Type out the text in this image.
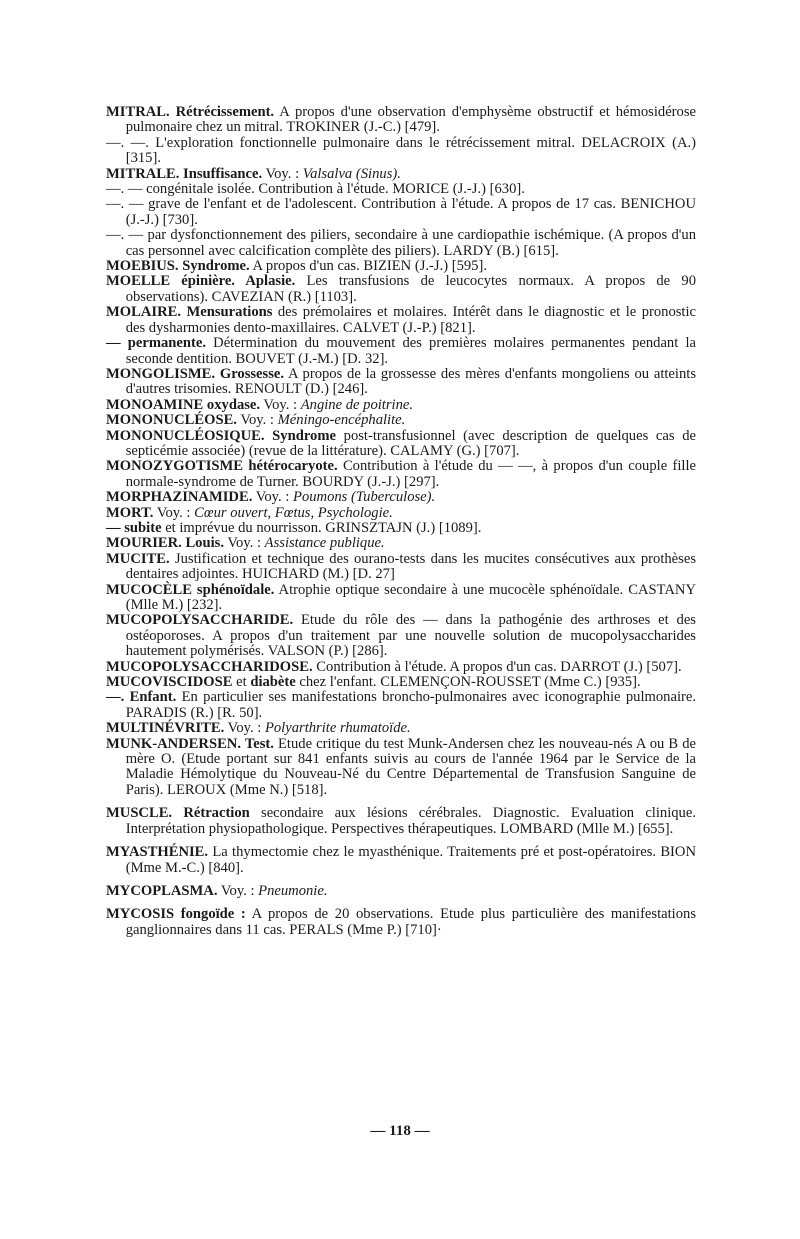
MITRAL. Rétrécissement. A propos d'une observation d'emphysème obstructif et hémosidérose pulmonaire chez un mitral. TROKINER (J.-C.) [479].

—. —. L'exploration fonctionnelle pulmonaire dans le rétrécissement mitral. DELACROIX (A.) [315].

MITRALE. Insuffisance. Voy. : Valsalva (Sinus).

—. — congénitale isolée. Contribution à l'étude. MORICE (J.-J.) [630].

—. — grave de l'enfant et de l'adolescent. Contribution à l'étude. A propos de 17 cas. BENICHOU (J.-J.) [730].

—. — par dysfonctionnement des piliers, secondaire à une cardiopathie ischémique. (A propos d'un cas personnel avec calcification complète des piliers). LARDY (B.) [615].

MOEBIUS. Syndrome. A propos d'un cas. BIZIEN (J.-J.) [595].

MOELLE épinière. Aplasie. Les transfusions de leucocytes normaux. A propos de 90 observations). CAVEZIAN (R.) [1103].

MOLAIRE. Mensurations des prémolaires et molaires. Intérêt dans le diagnostic et le pronostic des dysharmonies dento-maxillaires. CALVET (J.-P.) [821].

— permanente. Détermination du mouvement des premières molaires permanentes pendant la seconde dentition. BOUVET (J.-M.) [D. 32].

MONGOLISME. Grossesse. A propos de la grossesse des mères d'enfants mongoliens ou atteints d'autres trisomies. RENOULT (D.) [246].

MONOAMINE oxydase. Voy. : Angine de poitrine.

MONONUCLÉOSE. Voy. : Méningo-encéphalite.

MONONUCLÉOSIQUE. Syndrome post-transfusionnel (avec description de quelques cas de septicémie associée) (revue de la littérature). CALAMY (G.) [707].

MONOZYGOTISME hétérocaryote. Contribution à l'étude du — —, à propos d'un couple fille normale-syndrome de Turner. BOURDY (J.-J.) [297].

MORPHAZINAMIDE. Voy. : Poumons (Tuberculose).

MORT. Voy. : Cœur ouvert, Fœtus, Psychologie.

— subite et imprévue du nourrisson. GRINSZTAJN (J.) [1089].

MOURIER. Louis. Voy. : Assistance publique.

MUCITE. Justification et technique des ourano-tests dans les mucites consécutives aux prothèses dentaires adjointes. HUICHARD (M.) [D. 27]

MUCOCÈLE sphénoïdale. Atrophie optique secondaire à une mucocèle sphénoïdale. CASTANY (Mlle M.) [232].

MUCOPOLYSACCHARIDE. Etude du rôle des — dans la pathogénie des arthroses et des ostéoporoses. A propos d'un traitement par une nouvelle solution de mucopolysaccharides hautement polymérisés. VALSON (P.) [286].

MUCOPOLYSACCHARIDOSE. Contribution à l'étude. A propos d'un cas. DARROT (J.) [507].

MUCOVISCIDOSE et diabète chez l'enfant. CLEMENÇON-ROUSSET (Mme C.) [935].

—. Enfant. En particulier ses manifestations broncho-pulmonaires avec iconographie pulmonaire. PARADIS (R.) [R. 50].

MULTINÉVRITE. Voy. : Polyarthrite rhumatoïde.

MUNK-ANDERSEN. Test. Etude critique du test Munk-Andersen chez les nouveau-nés A ou B de mère O. (Etude portant sur 841 enfants suivis au cours de l'année 1964 par le Service de la Maladie Hémolytique du Nouveau-Né du Centre Départemental de Transfusion Sanguine de Paris). LEROUX (Mme N.) [518].

MUSCLE. Rétraction secondaire aux lésions cérébrales. Diagnostic. Evaluation clinique. Interprétation physiopathologique. Perspectives thérapeutiques. LOMBARD (Mlle M.) [655].

MYASTHÉNIE. La thymectomie chez le myasthénique. Traitements pré et post-opératoires. BION (Mme M.-C.) [840].

MYCOPLASMA. Voy. : Pneumonie.

MYCOSIS fongoïde : A propos de 20 observations. Etude plus particulière des manifestations ganglionnaires dans 11 cas. PERALS (Mme P.) [710]·

— 118 —
